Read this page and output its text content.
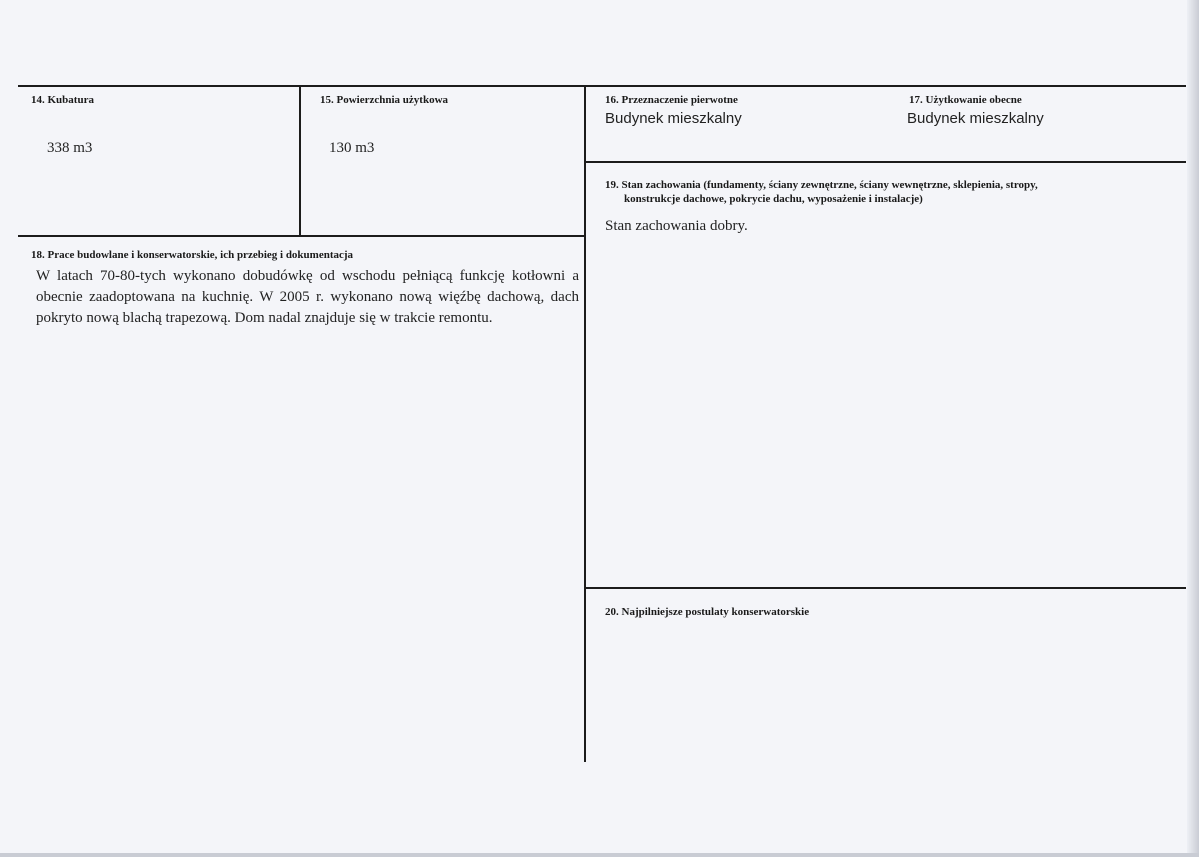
14. Kubatura
338 m3
15. Powierzchnia użytkowa
130 m3
16. Przeznaczenie pierwotne
Budynek mieszkalny
17. Użytkowanie obecne
Budynek mieszkalny
18. Prace budowlane i konserwatorskie, ich przebieg i dokumentacja
W latach 70-80-tych wykonano dobudówkę od wschodu pełniącą funkcję kotłowni a obecnie zaadoptowana na kuchnię. W 2005 r. wykonano nową więźbę dachową, dach pokryto nową blachą trapezową. Dom nadal znajduje się w trakcie remontu.
19. Stan zachowania (fundamenty, ściany zewnętrzne, ściany wewnętrzne, sklepienia, stropy,
konstrukcje dachowe, pokrycie dachu, wyposażenie i instalacje)
Stan zachowania dobry.
20. Najpilniejsze postulaty konserwatorskie
